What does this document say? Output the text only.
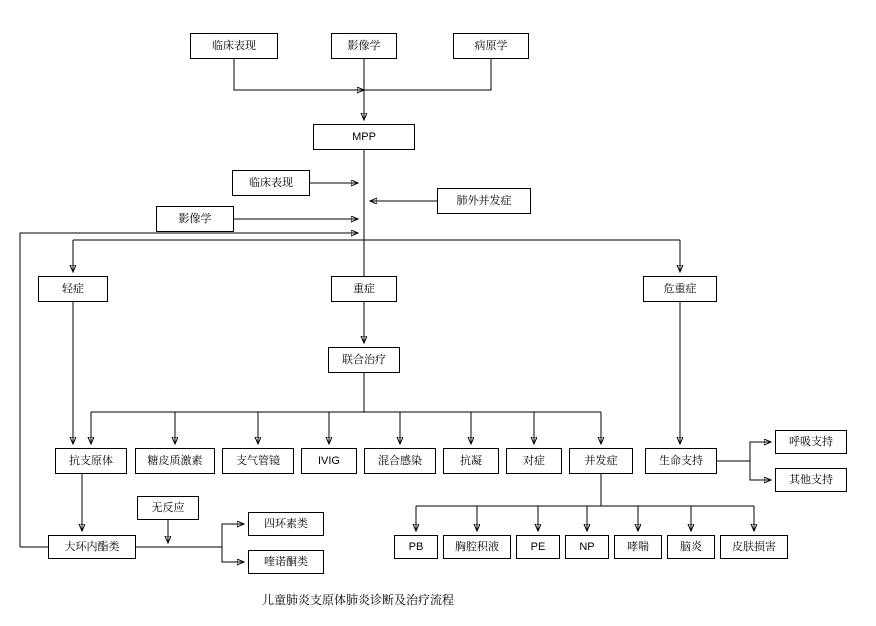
临床表现	影像学	病原学
MPP
临床表现
影像学
肺外并发症
轻症	重症	危重症
联合治疗
抗支原体	糖皮质激素	支气管镜	IVIG	混合感染	抗凝	对症	并发症	生命支持
呼吸支持
其他支持
无反应
大环内酯类
四环素类
喹诺酮类
PB	胸腔积液	PE	NP	哮喘	脑炎	皮肤损害
儿童肺炎支原体肺炎诊断及治疗流程
